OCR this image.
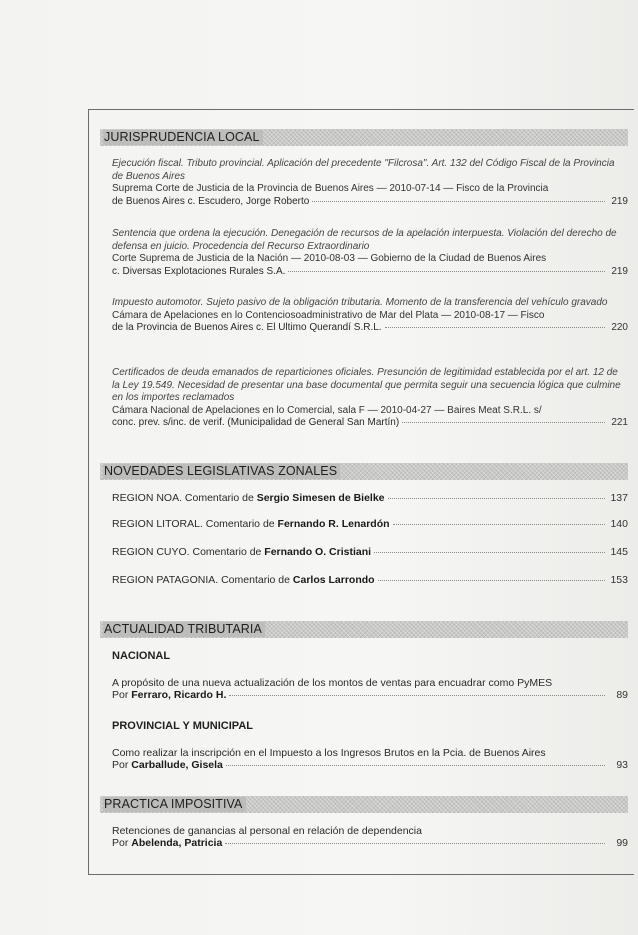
JURISPRUDENCIA LOCAL
Ejecución fiscal. Tributo provincial. Aplicación del precedente "Filcrosa". Art. 132 del Código Fiscal de la Provincia de Buenos Aires
Suprema Corte de Justicia de la Provincia de Buenos Aires — 2010-07-14 — Fisco de la Provincia
de Buenos Aires c. Escudero, Jorge Roberto	219
Sentencia que ordena la ejecución. Denegación de recursos de la apelación interpuesta. Violación del derecho de defensa en juicio. Procedencia del Recurso Extraordinario
Corte Suprema de Justicia de la Nación — 2010-08-03 — Gobierno de la Ciudad de Buenos Aires
c. Diversas Explotaciones Rurales S.A.	219
Impuesto automotor. Sujeto pasivo de la obligación tributaria. Momento de la transferencia del vehículo gravado
Cámara de Apelaciones en lo Contenciosoadministrativo de Mar del Plata — 2010-08-17 — Fisco
de la Provincia de Buenos Aires c. El Ultimo Querandí S.R.L.	220
Certificados de deuda emanados de reparticiones oficiales. Presunción de legitimidad establecida por el art. 12 de la Ley 19.549. Necesidad de presentar una base documental que permita seguir una secuencia lógica que culmine en los importes reclamados
Cámara Nacional de Apelaciones en lo Comercial, sala F — 2010-04-27 — Baires Meat S.R.L. s/
conc. prev. s/inc. de verif. (Municipalidad de General San Martín)	221
NOVEDADES LEGISLATIVAS ZONALES
REGION NOA. Comentario de Sergio Simesen de Bielke	137
REGION LITORAL. Comentario de Fernando R. Lenardón	140
REGION CUYO. Comentario de Fernando O. Cristiani	145
REGION PATAGONIA. Comentario de Carlos Larrondo	153
ACTUALIDAD TRIBUTARIA
NACIONAL
A propósito de una nueva actualización de los montos de ventas para encuadrar como PyMES
Por Ferraro, Ricardo H.	89
PROVINCIAL Y MUNICIPAL
Como realizar la inscripción en el Impuesto a los Ingresos Brutos en la Pcia. de Buenos Aires
Por Carballude, Gisela	93
PRACTICA IMPOSITIVA
Retenciones de ganancias al personal en relación de dependencia
Por Abelenda, Patricia	99
